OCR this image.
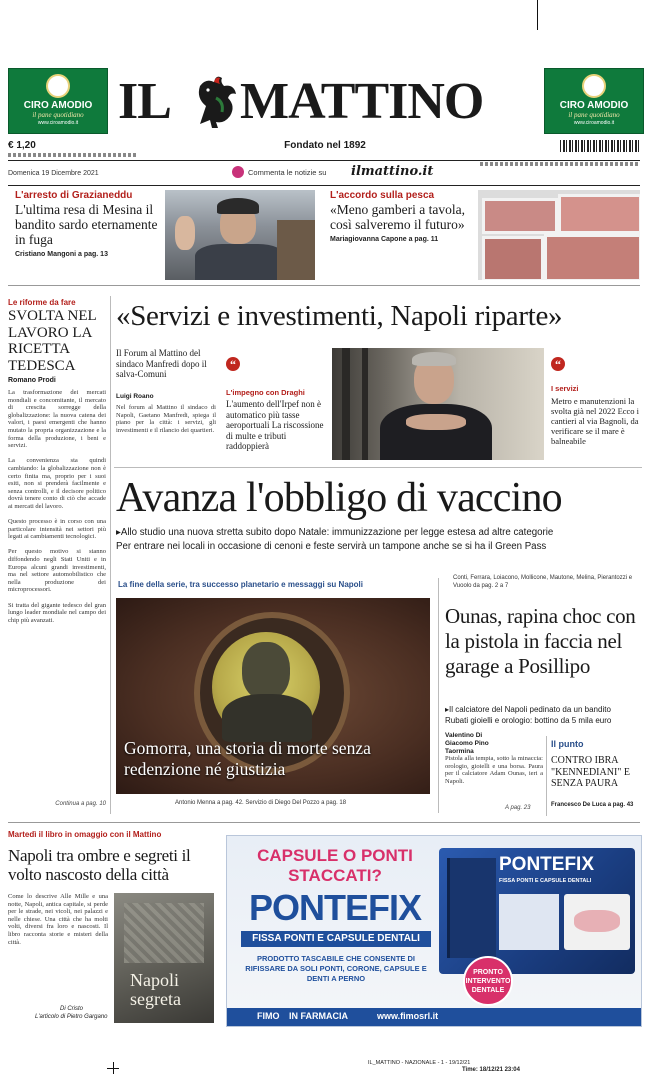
CIRO AMODIO
il pane quotidiano
www.ciroamodio.it
CIRO AMODIO
il pane quotidiano
www.ciroamodio.it
IL MATTINO
€ 1,20	Fondato nel 1892
Domenica 19 Dicembre 2021	Commenta le notizie su ilmattino.it
L'arresto di Grazianeddu
L'ultima resa di Mesina il bandito sardo eternamente in fuga
Cristiano Mangoni a pag. 13
L'accordo sulla pesca
«Meno gamberi a tavola, così salveremo il futuro»
Mariagiovanna Capone a pag. 11
Le riforme da fare
SVOLTA NEL LAVORO LA RICETTA TEDESCA
Romano Prodi
La trasformazione dei mercati mondiali e concomitante, il mercato di crescita sorregge della globalizzazione: la nuova catena dei valori, i paesi emergenti che hanno mutato la propria organizzazione e la forma della produzione, i beni e servizi.

La convenienza sta quindi cambiando: la globalizzazione non è certo finita ma, proprio per i suoi esiti, non si prenderà facilmente e senza controlli, e il decisore politico dovrà tenere conto di ciò che accade ai mercati del lavoro.

Questo processo è in corso con una particolare intensità nei settori più legati ai cambiamenti tecnologici.

Per questo motivo si stanno diffondendo negli Stati Uniti e in Europa alcuni grandi investimenti, ma nel settore automobilistico che nella produzione dei microprocessori.

Si tratta del gigante tedesco del gran lungo leader mondiale nel campo dei chip più avanzati.
Continua a pag. 10
«Servizi e investimenti, Napoli riparte»
Il Forum al Mattino del sindaco Manfredi dopo il salva-Comuni
Luigi Roano
Nel forum al Mattino il sindaco di Napoli, Gaetano Manfredi, spiega il piano per la città: i servizi, gli investimenti e il rilancio dei quartieri.
“
L'impegno con Draghi
L'aumento dell'Irpef non è automatico più tasse aeroportuali La riscossione di multe e tributi raddoppierà
“
I servizi
Metro e manutenzioni la svolta già nel 2022 Ecco i cantieri al via Bagnoli, da verificare se il mare è balneabile
Avanza l'obbligo di vaccino
▸Allo studio una nuova stretta subito dopo Natale: immunizzazione per legge estesa ad altre categorie
Per entrare nei locali in occasione di cenoni e feste servirà un tampone anche se si ha il Green Pass
Conti, Ferrara, Loiacono, Mollicone, Mautone, Melina, Pierantozzi e Vuoolo da pag. 2 a 7
La fine della serie, tra successo planetario e messaggi su Napoli
Gomorra, una storia di morte senza redenzione né giustizia
Antonio Menna a pag. 42. Servizio di Diego Del Pozzo a pag. 18
Ounas, rapina choc con la pistola in faccia nel garage a Posillipo
▸Il calciatore del Napoli pedinato da un bandito
Rubati gioielli e orologio: bottino da 5 mila euro
Valentino Di Giacomo Pino Taormina
Pistola alla tempia, sotto la minaccia: orologio, gioielli e una borsa. Paura per il calciatore Adam Ounas, ieri a Napoli.
A pag. 23
Il punto
CONTRO IBRA "KENNEDIANI" E SENZA PAURA
Francesco De Luca a pag. 43
Martedì il libro in omaggio con il Mattino
Napoli tra ombre e segreti il volto nascosto della città
Come lo descrive Alle Mille e una notte, Napoli, antica capitale, si perde per le strade, nei vicoli, nei palazzi e nelle chiese. Una città che ha molti volti, diversi fra loro e nascosti. Il libro racconta storie e misteri della città.
Di Cristo
L'articolo di Pietro Gargano
Napoli segreta
CAPSULE O PONTI STACCATI?
PONTEFIX
FISSA PONTI E CAPSULE DENTALI
PRODOTTO TASCABILE CHE CONSENTE DI RIFISSARE DA SOLI PONTI, CORONE, CAPSULE E DENTI A PERNO
PONTEFIX
FISSA PONTI E CAPSULE DENTALI
PRONTO INTERVENTO DENTALE
FIMO IN FARMACIA	www.fimosrl.it
IL_MATTINO - NAZIONALE - 1 - 19/12/21
Time: 18/12/21 23:04
